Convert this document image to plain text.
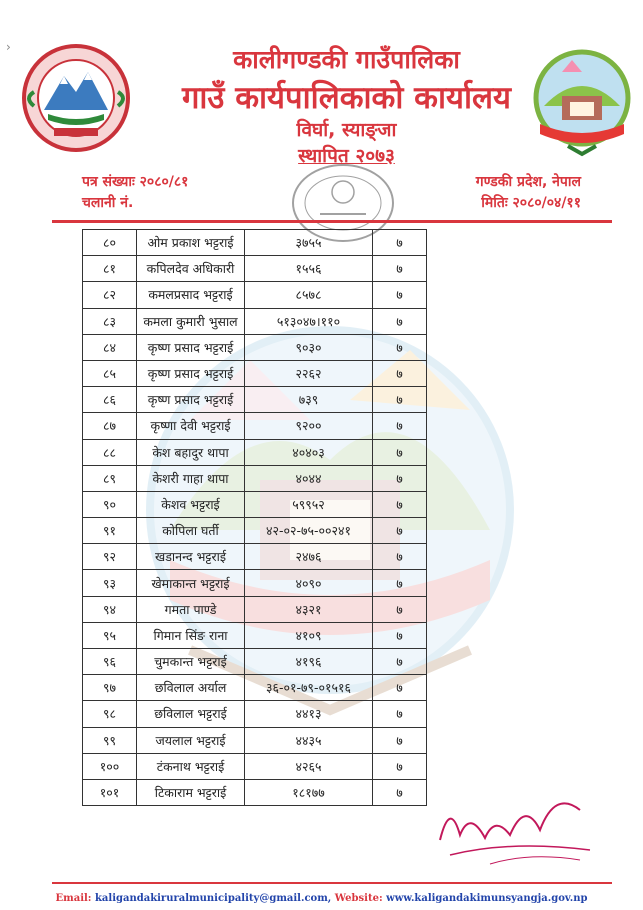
›	कालीगण्डकी गाउँपालिका
गाउँ कार्यपालिकाको कार्यालय
विर्घा, स्याङ्जा
स्थापित २०७३
पत्र संख्याः २०८०/८१
चलानी नं.
गण्डकी प्रदेश, नेपाल
मितिः २०८०/०४/११
८०	ओम प्रकाश भट्टराई	३७५५	७
८१	कपिलदेव अधिकारी	१५५६	७
८२	कमलप्रसाद भट्टराई	८५७८	७
८३	कमला कुमारी भुसाल	५१३०४७।११०	७
८४	कृष्ण प्रसाद भट्टराई	९०३०	७
८५	कृष्ण प्रसाद भट्टराई	२२६२	७
८६	कृष्ण प्रसाद भट्टराई	७३९	७
८७	कृष्णा देवी भट्टराई	९२००	७
८८	केश बहादुर थापा	४०४०३	७
८९	केशरी गाहा थापा	४०४४	७
९०	केशव भट्टराई	५९९५२	७
९१	कोपिला घर्ती	४२-०२-७५-००२४१	७
९२	खडानन्द भट्टराई	२४७६	७
९३	खेमाकान्त भट्टराई	४०९०	७
९४	गमता पाण्डे	४३२१	७
९५	गिमान सिंङ राना	४१०९	७
९६	चुमकान्त भट्टराई	४१९६	७
९७	छविलाल अर्याल	३६-०१-७९-०१५१६	७
९८	छविलाल भट्टराई	४४१३	७
९९	जयलाल भट्टराई	४४३५	७
१००	टंकनाथ भट्टराई	४२६५	७
१०१	टिकाराम भट्टराई	१८१७७	७
Email: kaligandakiruralmunicipality@gmail.com, Website: www.kaligandakimunsyangja.gov.np
